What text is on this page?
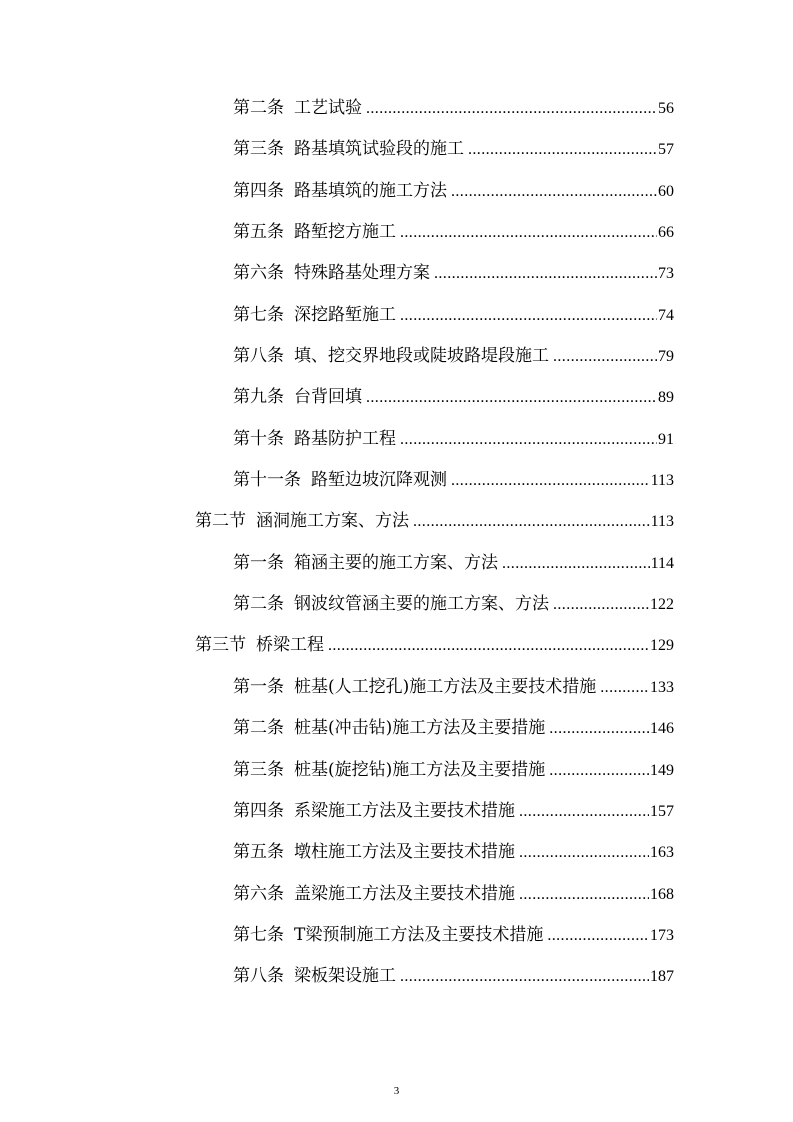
第二条 工艺试验 .....	56
第三条 路基填筑试验段的施工 .....	57
第四条 路基填筑的施工方法 .....	60
第五条 路堑挖方施工 .....	66
第六条 特殊路基处理方案 .....	73
第七条 深挖路堑施工 .....	74
第八条 填、挖交界地段或陡坡路堤段施工 .....	79
第九条 台背回填 .....	89
第十条 路基防护工程 .....	91
第十一条 路堑边坡沉降观测 .....	113
第二节 涵洞施工方案、方法 .....	113
第一条 箱涵主要的施工方案、方法 .....	114
第二条 钢波纹管涵主要的施工方案、方法 .....	122
第三节 桥梁工程 .....	129
第一条 桩基(人工挖孔)施工方法及主要技术措施 .....	133
第二条 桩基(冲击钻)施工方法及主要措施 .....	146
第三条 桩基(旋挖钻)施工方法及主要措施 .....	149
第四条 系梁施工方法及主要技术措施 .....	157
第五条 墩柱施工方法及主要技术措施 .....	163
第六条 盖梁施工方法及主要技术措施 .....	168
第七条 T梁预制施工方法及主要技术措施 .....	173
第八条 梁板架设施工 .....	187
3
